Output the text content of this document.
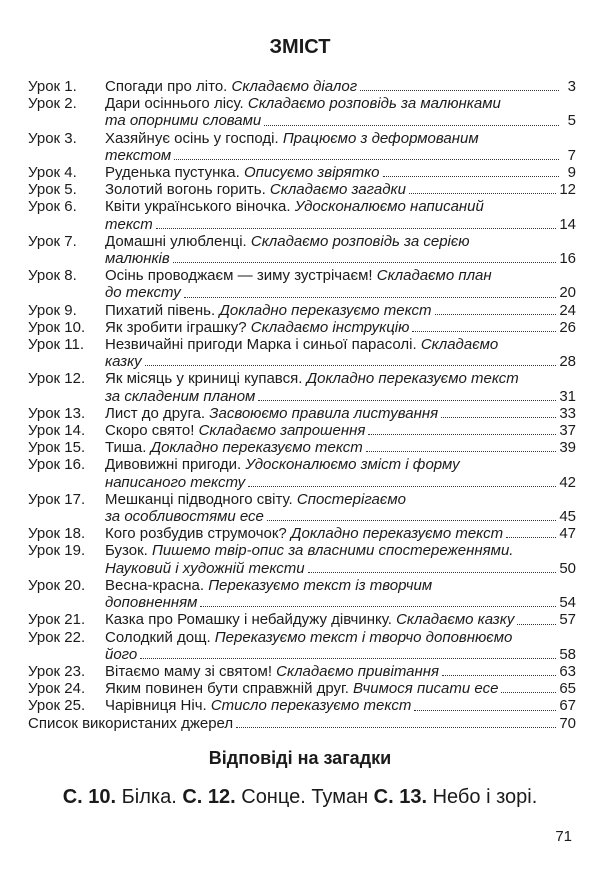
ЗМІСТ
Урок 1. Спогади про літо. Складаємо діалог	3
Урок 2. Дари осіннього лісу. Складаємо розповідь за малюнками
та опорними словами	5
Урок 3. Хазяйнує осінь у господі. Працюємо з деформованим
текстом	7
Урок 4. Руденька пустунка. Описуємо звірятко	9
Урок 5. Золотий вогонь горить. Складаємо загадки	12
Урок 6. Квіти українського віночка. Удосконалюємо написаний
текст	14
Урок 7. Домашні улюбленці. Складаємо розповідь за серією
малюнків	16
Урок 8. Осінь проводжаєм — зиму зустрічаєм! Складаємо план
до тексту	20
Урок 9. Пихатий півень. Докладно переказуємо текст	24
Урок 10. Як зробити іграшку? Складаємо інструкцію	26
Урок 11. Незвичайні пригоди Марка і синьої парасолі. Складаємо
казку	28
Урок 12. Як місяць у криниці купався. Докладно переказуємо текст
за складеним планом	31
Урок 13. Лист до друга. Засвоюємо правила листування	33
Урок 14. Скоро свято! Складаємо запрошення	37
Урок 15. Тиша. Докладно переказуємо текст	39
Урок 16. Дивовижні пригоди. Удосконалюємо зміст і форму
написаного тексту	42
Урок 17. Мешканці підводного світу. Спостерігаємо
за особливостями есе	45
Урок 18. Кого розбудив струмочок? Докладно переказуємо текст	47
Урок 19. Бузок. Пишемо твір-опис за власними спостереженнями.
Науковий і художній тексти	50
Урок 20. Весна-красна. Переказуємо текст із творчим
доповненням	54
Урок 21. Казка про Ромашку і небайдужу дівчинку. Складаємо казку	57
Урок 22. Солодкий дощ. Переказуємо текст і творчо доповнюємо
його	58
Урок 23. Вітаємо маму зі святом! Складаємо привітання	63
Урок 24. Яким повинен бути справжній друг. Вчимося писати есе	65
Урок 25. Чарівниця Ніч. Стисло переказуємо текст	67
Список використаних джерел	70
Відповіді на загадки
С. 10. Білка. С. 12. Сонце. Туман С. 13. Небо і зорі.
71
